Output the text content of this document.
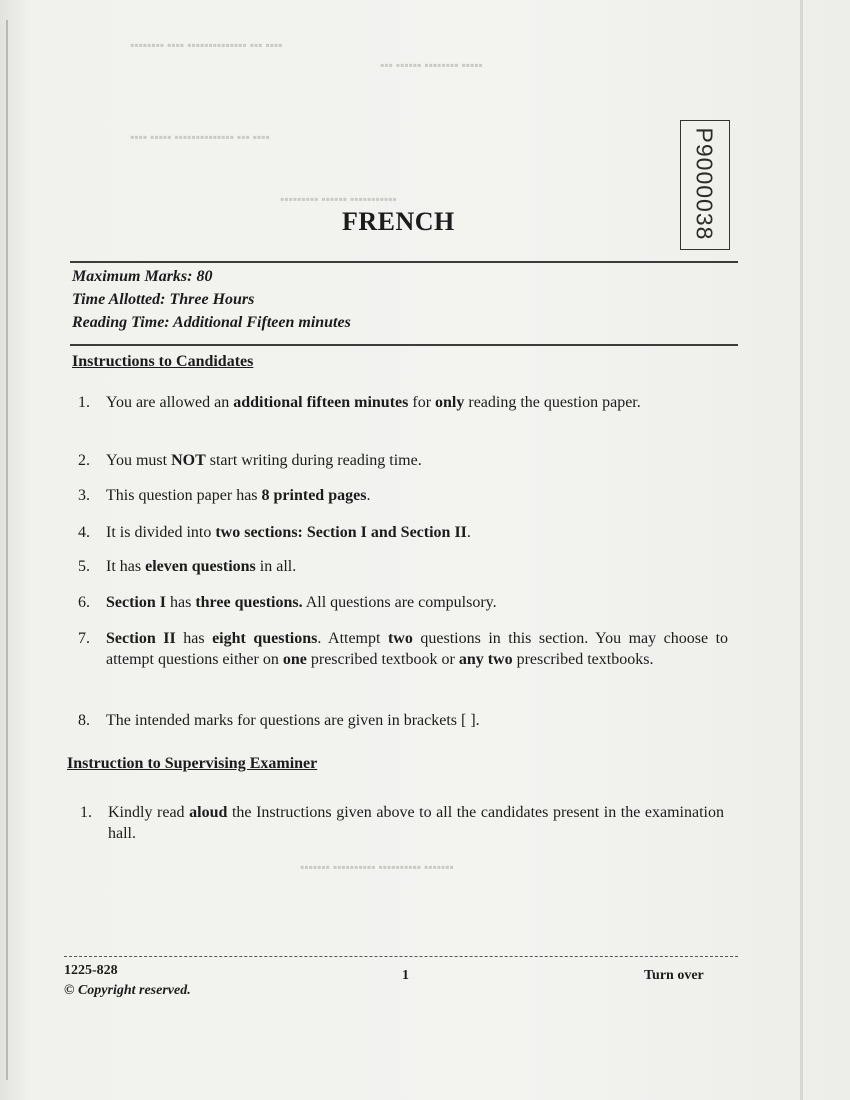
▪▪▪▪ ▪▪▪ ▪▪▪▪▪▪▪▪▪▪▪▪▪▪ ▪▪▪▪ ▪▪▪▪▪▪▪▪
▪▪▪▪▪ ▪▪▪▪▪▪▪▪ ▪▪▪▪▪▪ ▪▪▪
▪▪▪▪ ▪▪▪ ▪▪▪▪▪▪▪▪▪▪▪▪▪▪ ▪▪▪▪▪ ▪▪▪▪
▪▪▪▪▪▪▪▪▪▪▪ ▪▪▪▪▪▪ ▪▪▪▪▪▪▪▪▪
▪▪▪▪▪▪▪ ▪▪▪▪▪▪▪▪▪▪ ▪▪▪▪▪▪▪▪▪▪ ▪▪▪▪▪▪▪
P9000038
FRENCH
Maximum Marks: 80
Time Allotted: Three Hours
Reading Time: Additional Fifteen minutes
Instructions to Candidates
1.	You are allowed an additional fifteen minutes for only reading the question paper.
2.	You must NOT start writing during reading time.
3.	This question paper has 8 printed pages.
4.	It is divided into two sections: Section I and Section II.
5.	It has eleven questions in all.
6.	Section I has three questions. All questions are compulsory.
7.	Section II has eight questions. Attempt two questions in this section. You may choose to attempt questions either on one prescribed textbook or any two prescribed textbooks.
8.	The intended marks for questions are given in brackets [ ].
Instruction to Supervising Examiner
1.	Kindly read aloud the Instructions given above to all the candidates present in the examination hall.
1225-828
© Copyright reserved.
1	Turn over
